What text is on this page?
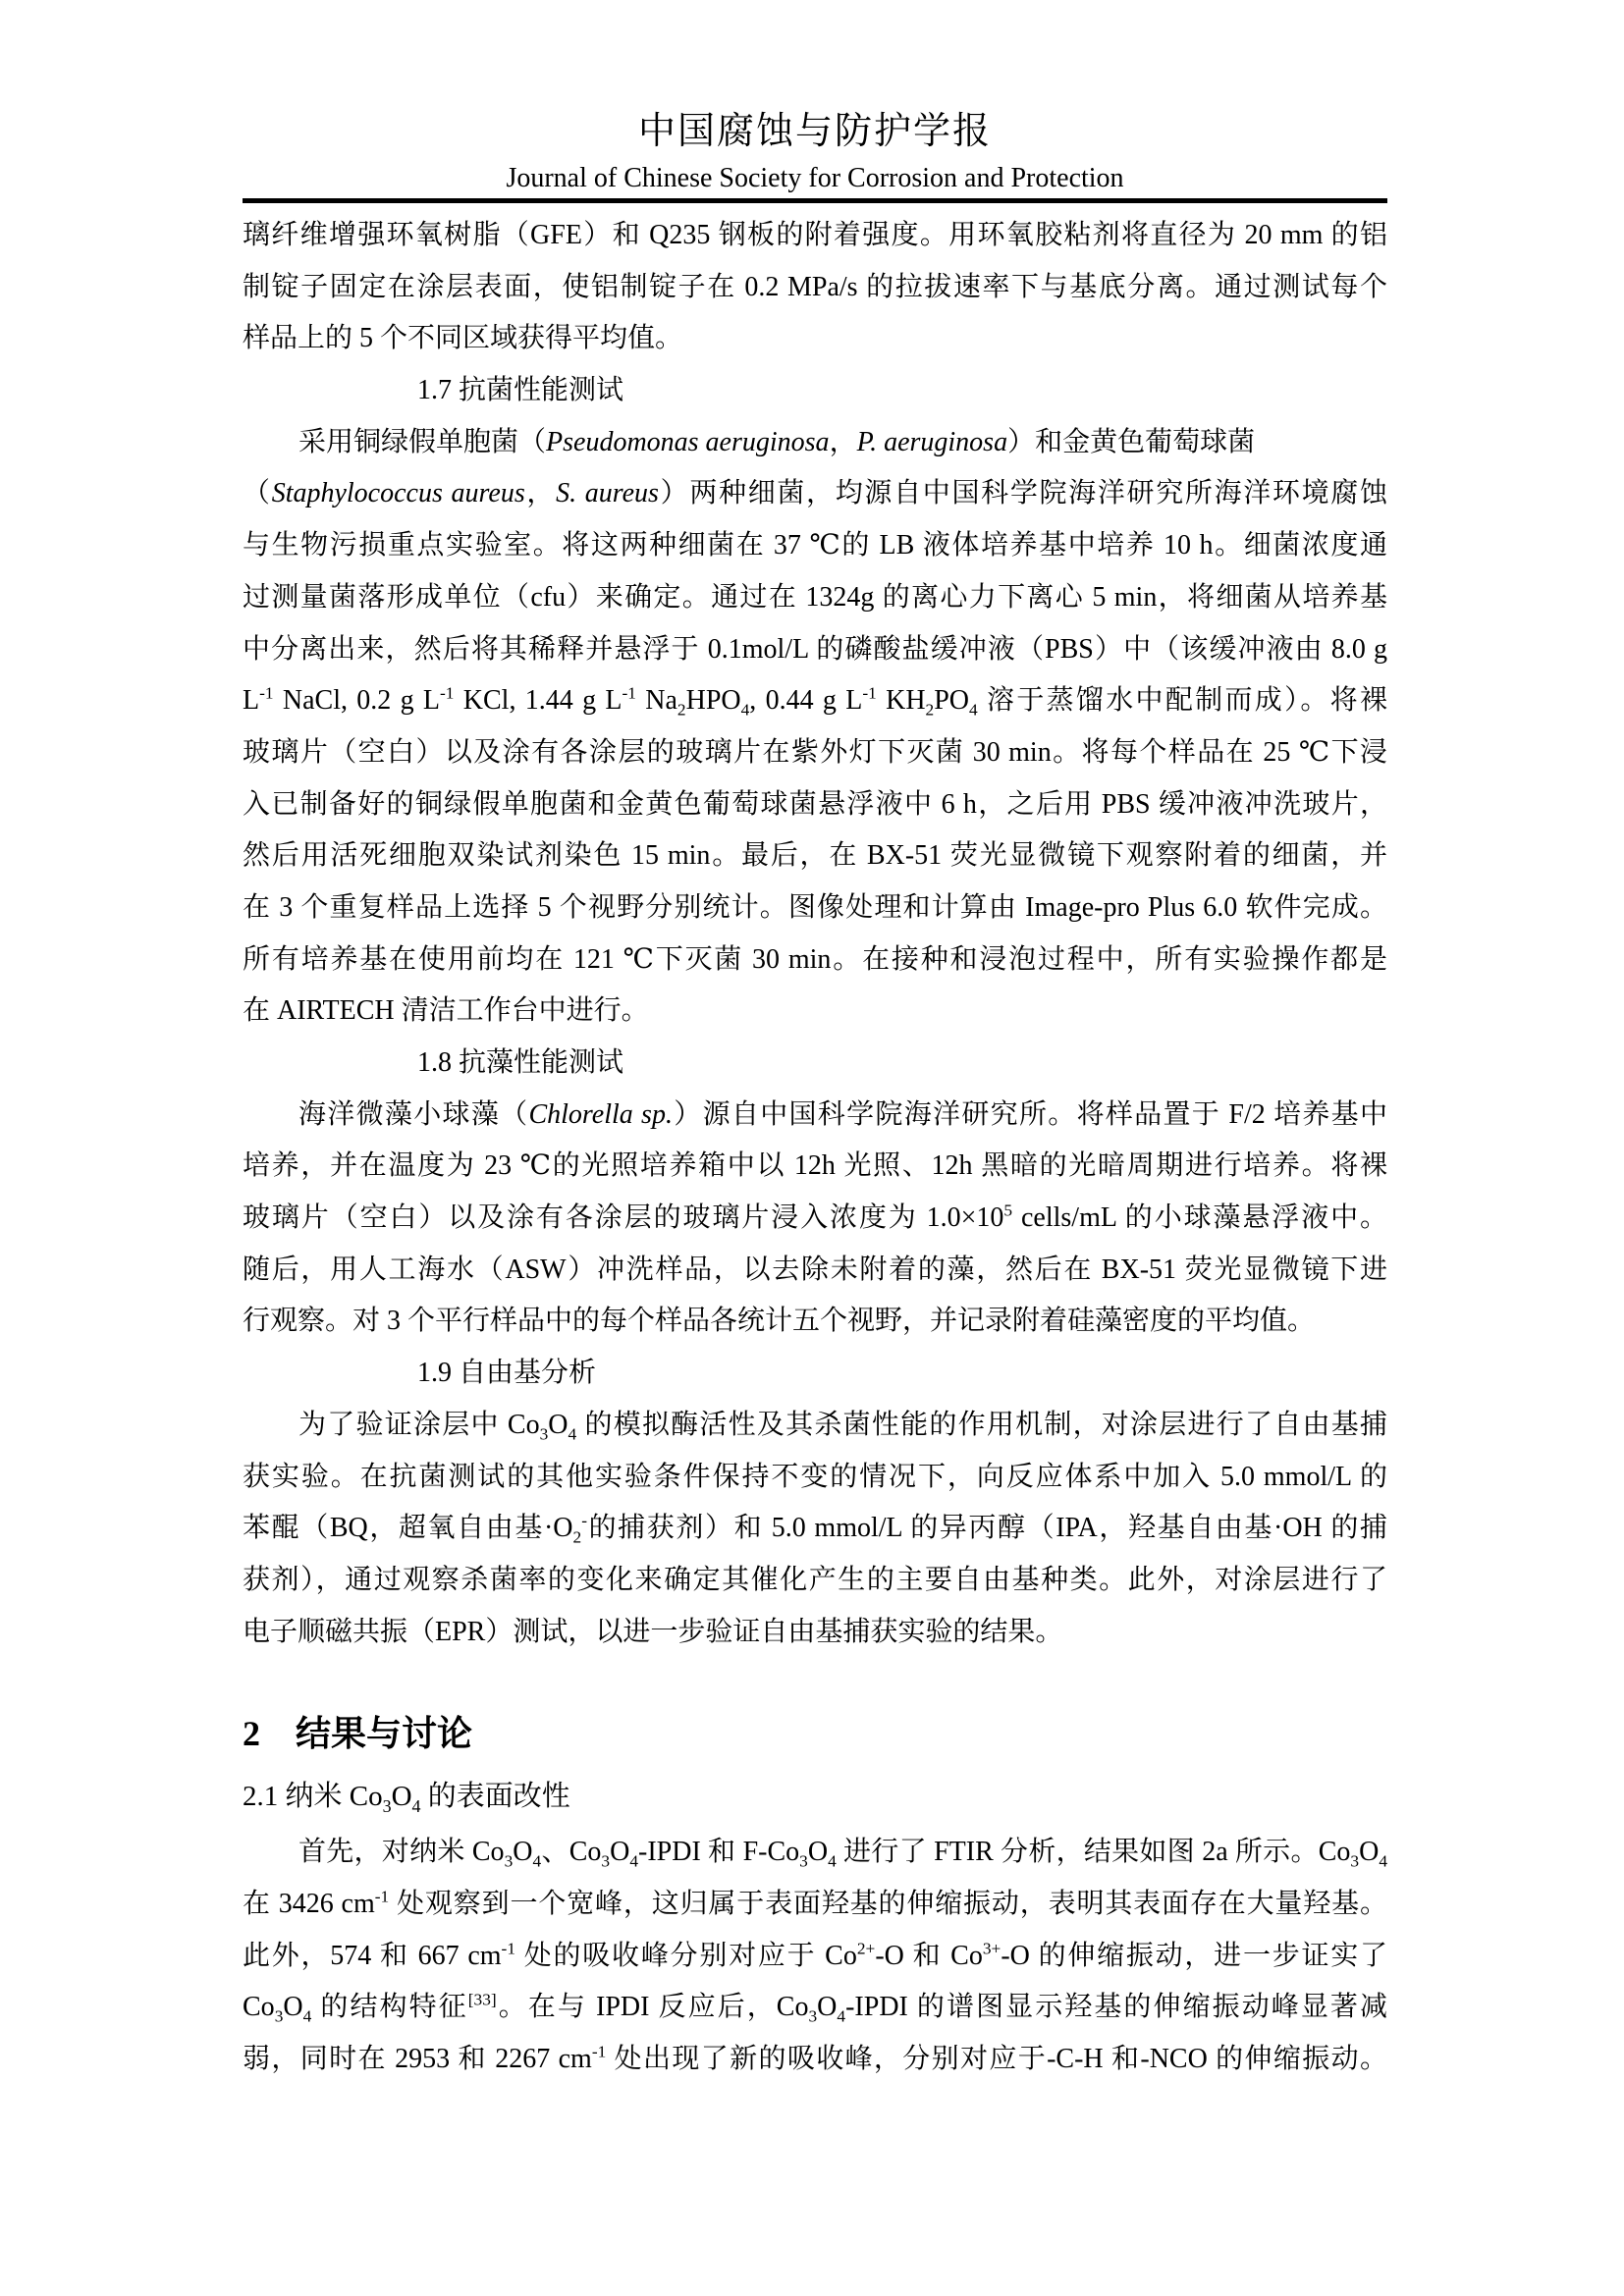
中国腐蚀与防护学报
Journal of Chinese Society for Corrosion and Protection
璃纤维增强环氧树脂（GFE）和 Q235 钢板的附着强度。用环氧胶粘剂将直径为 20 mm 的铝
制锭子固定在涂层表面，使铝制锭子在 0.2 MPa/s 的拉拔速率下与基底分离。通过测试每个
样品上的 5 个不同区域获得平均值。
1.7 抗菌性能测试
采用铜绿假单胞菌（Pseudomonas aeruginosa，P. aeruginosa）和金黄色葡萄球菌
（Staphylococcus aureus，S. aureus）两种细菌，均源自中国科学院海洋研究所海洋环境腐蚀
与生物污损重点实验室。将这两种细菌在 37 ℃的 LB 液体培养基中培养 10 h。细菌浓度通
过测量菌落形成单位（cfu）来确定。通过在 1324g 的离心力下离心 5 min，将细菌从培养基
中分离出来，然后将其稀释并悬浮于 0.1mol/L 的磷酸盐缓冲液（PBS）中（该缓冲液由 8.0 g
$L^{-1}$ NaCl, 0.2 g $L^{-1}$ KCl, 1.44 g $L^{-1}$ $Na_2HPO_4$, 0.44 g $L^{-1}$ $KH_2PO_4$ 溶于蒸馏水中配制而成）。将裸
玻璃片（空白）以及涂有各涂层的玻璃片在紫外灯下灭菌 30 min。将每个样品在 25 ℃下浸
入已制备好的铜绿假单胞菌和金黄色葡萄球菌悬浮液中 6 h，之后用 PBS 缓冲液冲洗玻片，
然后用活死细胞双染试剂染色 15 min。最后，在 BX-51 荧光显微镜下观察附着的细菌，并
在 3 个重复样品上选择 5 个视野分别统计。图像处理和计算由 Image-pro Plus 6.0 软件完成。
所有培养基在使用前均在 121 ℃下灭菌 30 min。在接种和浸泡过程中，所有实验操作都是
在 AIRTECH 清洁工作台中进行。
1.8 抗藻性能测试
海洋微藻小球藻（Chlorella sp.）源自中国科学院海洋研究所。将样品置于 F/2 培养基中
培养，并在温度为 23 ℃的光照培养箱中以 12h 光照、12h 黑暗的光暗周期进行培养。将裸
玻璃片（空白）以及涂有各涂层的玻璃片浸入浓度为 $1.0\times 10^5$ cells/mL 的小球藻悬浮液中。
随后，用人工海水（ASW）冲洗样品，以去除未附着的藻，然后在 BX-51 荧光显微镜下进
行观察。对 3 个平行样品中的每个样品各统计五个视野，并记录附着硅藻密度的平均值。
1.9 自由基分析
为了验证涂层中 $Co_3O_4$ 的模拟酶活性及其杀菌性能的作用机制，对涂层进行了自由基捕
获实验。在抗菌测试的其他实验条件保持不变的情况下，向反应体系中加入 5.0 mmol/L 的
苯醌（BQ，超氧自由基$\cdot O_2^-$的捕获剂）和 5.0 mmol/L 的异丙醇（IPA，羟基自由基·OH 的捕
获剂），通过观察杀菌率的变化来确定其催化产生的主要自由基种类。此外，对涂层进行了
电子顺磁共振（EPR）测试，以进一步验证自由基捕获实验的结果。
2　结果与讨论
2.1 纳米 $Co_3O_4$ 的表面改性
首先，对纳米 $Co_3O_4$、$Co_3O_4$-IPDI 和 $F-Co_3O_4$ 进行了 FTIR 分析，结果如图 2a 所示。$Co_3O_4$
在 3426 $cm^{-1}$ 处观察到一个宽峰，这归属于表面羟基的伸缩振动，表明其表面存在大量羟基。
此外，574 和 667 $cm^{-1}$ 处的吸收峰分别对应于 $Co^{2+}-O$ 和 $Co^{3+}-O$ 的伸缩振动，进一步证实了
$Co_3O_4$ 的结构特征[33]。在与 IPDI 反应后，$Co_3O_4$-IPDI 的谱图显示羟基的伸缩振动峰显著减
弱，同时在 2953 和 2267 $cm^{-1}$ 处出现了新的吸收峰，分别对应于-C-H 和-NCO 的伸缩振动。
